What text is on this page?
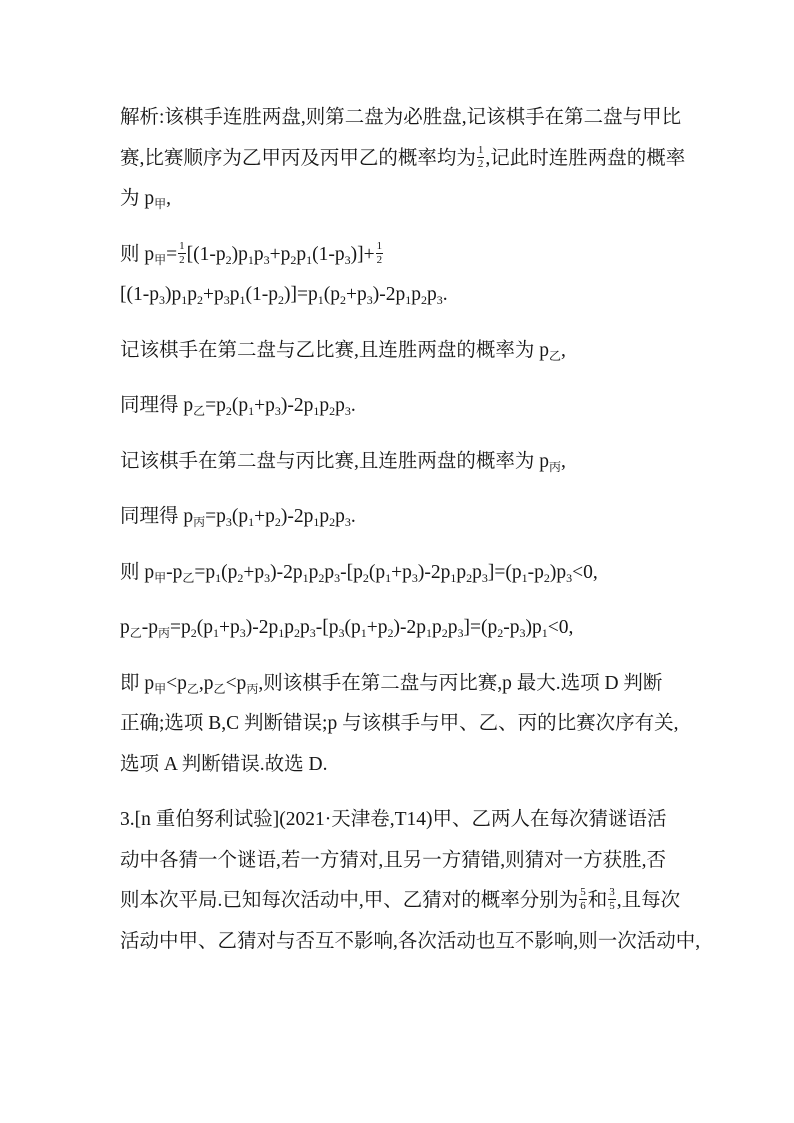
解析:该棋手连胜两盘,则第二盘为必胜盘,记该棋手在第二盘与甲比
赛,比赛顺序为乙甲丙及丙甲乙的概率均为 $\frac{1}{2}$ ,记此时连胜两盘的概率
为 $p_甲$,
则 $p_甲= \frac{1}{2} [(1-p_2)p_1p_3+p_2p_1(1-p_3)]+ \frac{1}{2}$
$[(1-p_3)p_1p_2+p_3p_1(1-p_2)]=p_1(p_2+p_3)-2p_1p_2p_3$.
记该棋手在第二盘与乙比赛,且连胜两盘的概率为 $p_乙$,
同理得 $p_乙=p_2(p_1+p_3)-2p_1p_2p_3$.
记该棋手在第二盘与丙比赛,且连胜两盘的概率为 $p_丙$,
同理得 $p_丙=p_3(p_1+p_2)-2p_1p_2p_3$.
则 $p_甲-p_乙=p_1(p_2+p_3)-2p_1p_2p_3-[p_2(p_1+p_3)-2p_1p_2p_3]=(p_1-p_2)p_3<0$,
$p_乙-p_丙=p_2(p_1+p_3)-2p_1p_2p_3-[p_3(p_1+p_2)-2p_1p_2p_3]=(p_2-p_3)p_1<0$,
即 $p_甲<p_乙,p_乙<p_丙$,则该棋手在第二盘与丙比赛,p 最大.选项 D 判断
正确;选项 B,C 判断错误;p 与该棋手与甲、乙、丙的比赛次序有关,
选项 A 判断错误.故选 D.
3.[n 重伯努利试验](2021·天津卷,T14)甲、乙两人在每次猜谜语活
动中各猜一个谜语,若一方猜对,且另一方猜错,则猜对一方获胜,否
则本次平局.已知每次活动中,甲、乙猜对的概率分别为 $\frac{5}{6}$ 和 $\frac{3}{5}$ ,且每次
活动中甲、乙猜对与否互不影响,各次活动也互不影响,则一次活动中,
